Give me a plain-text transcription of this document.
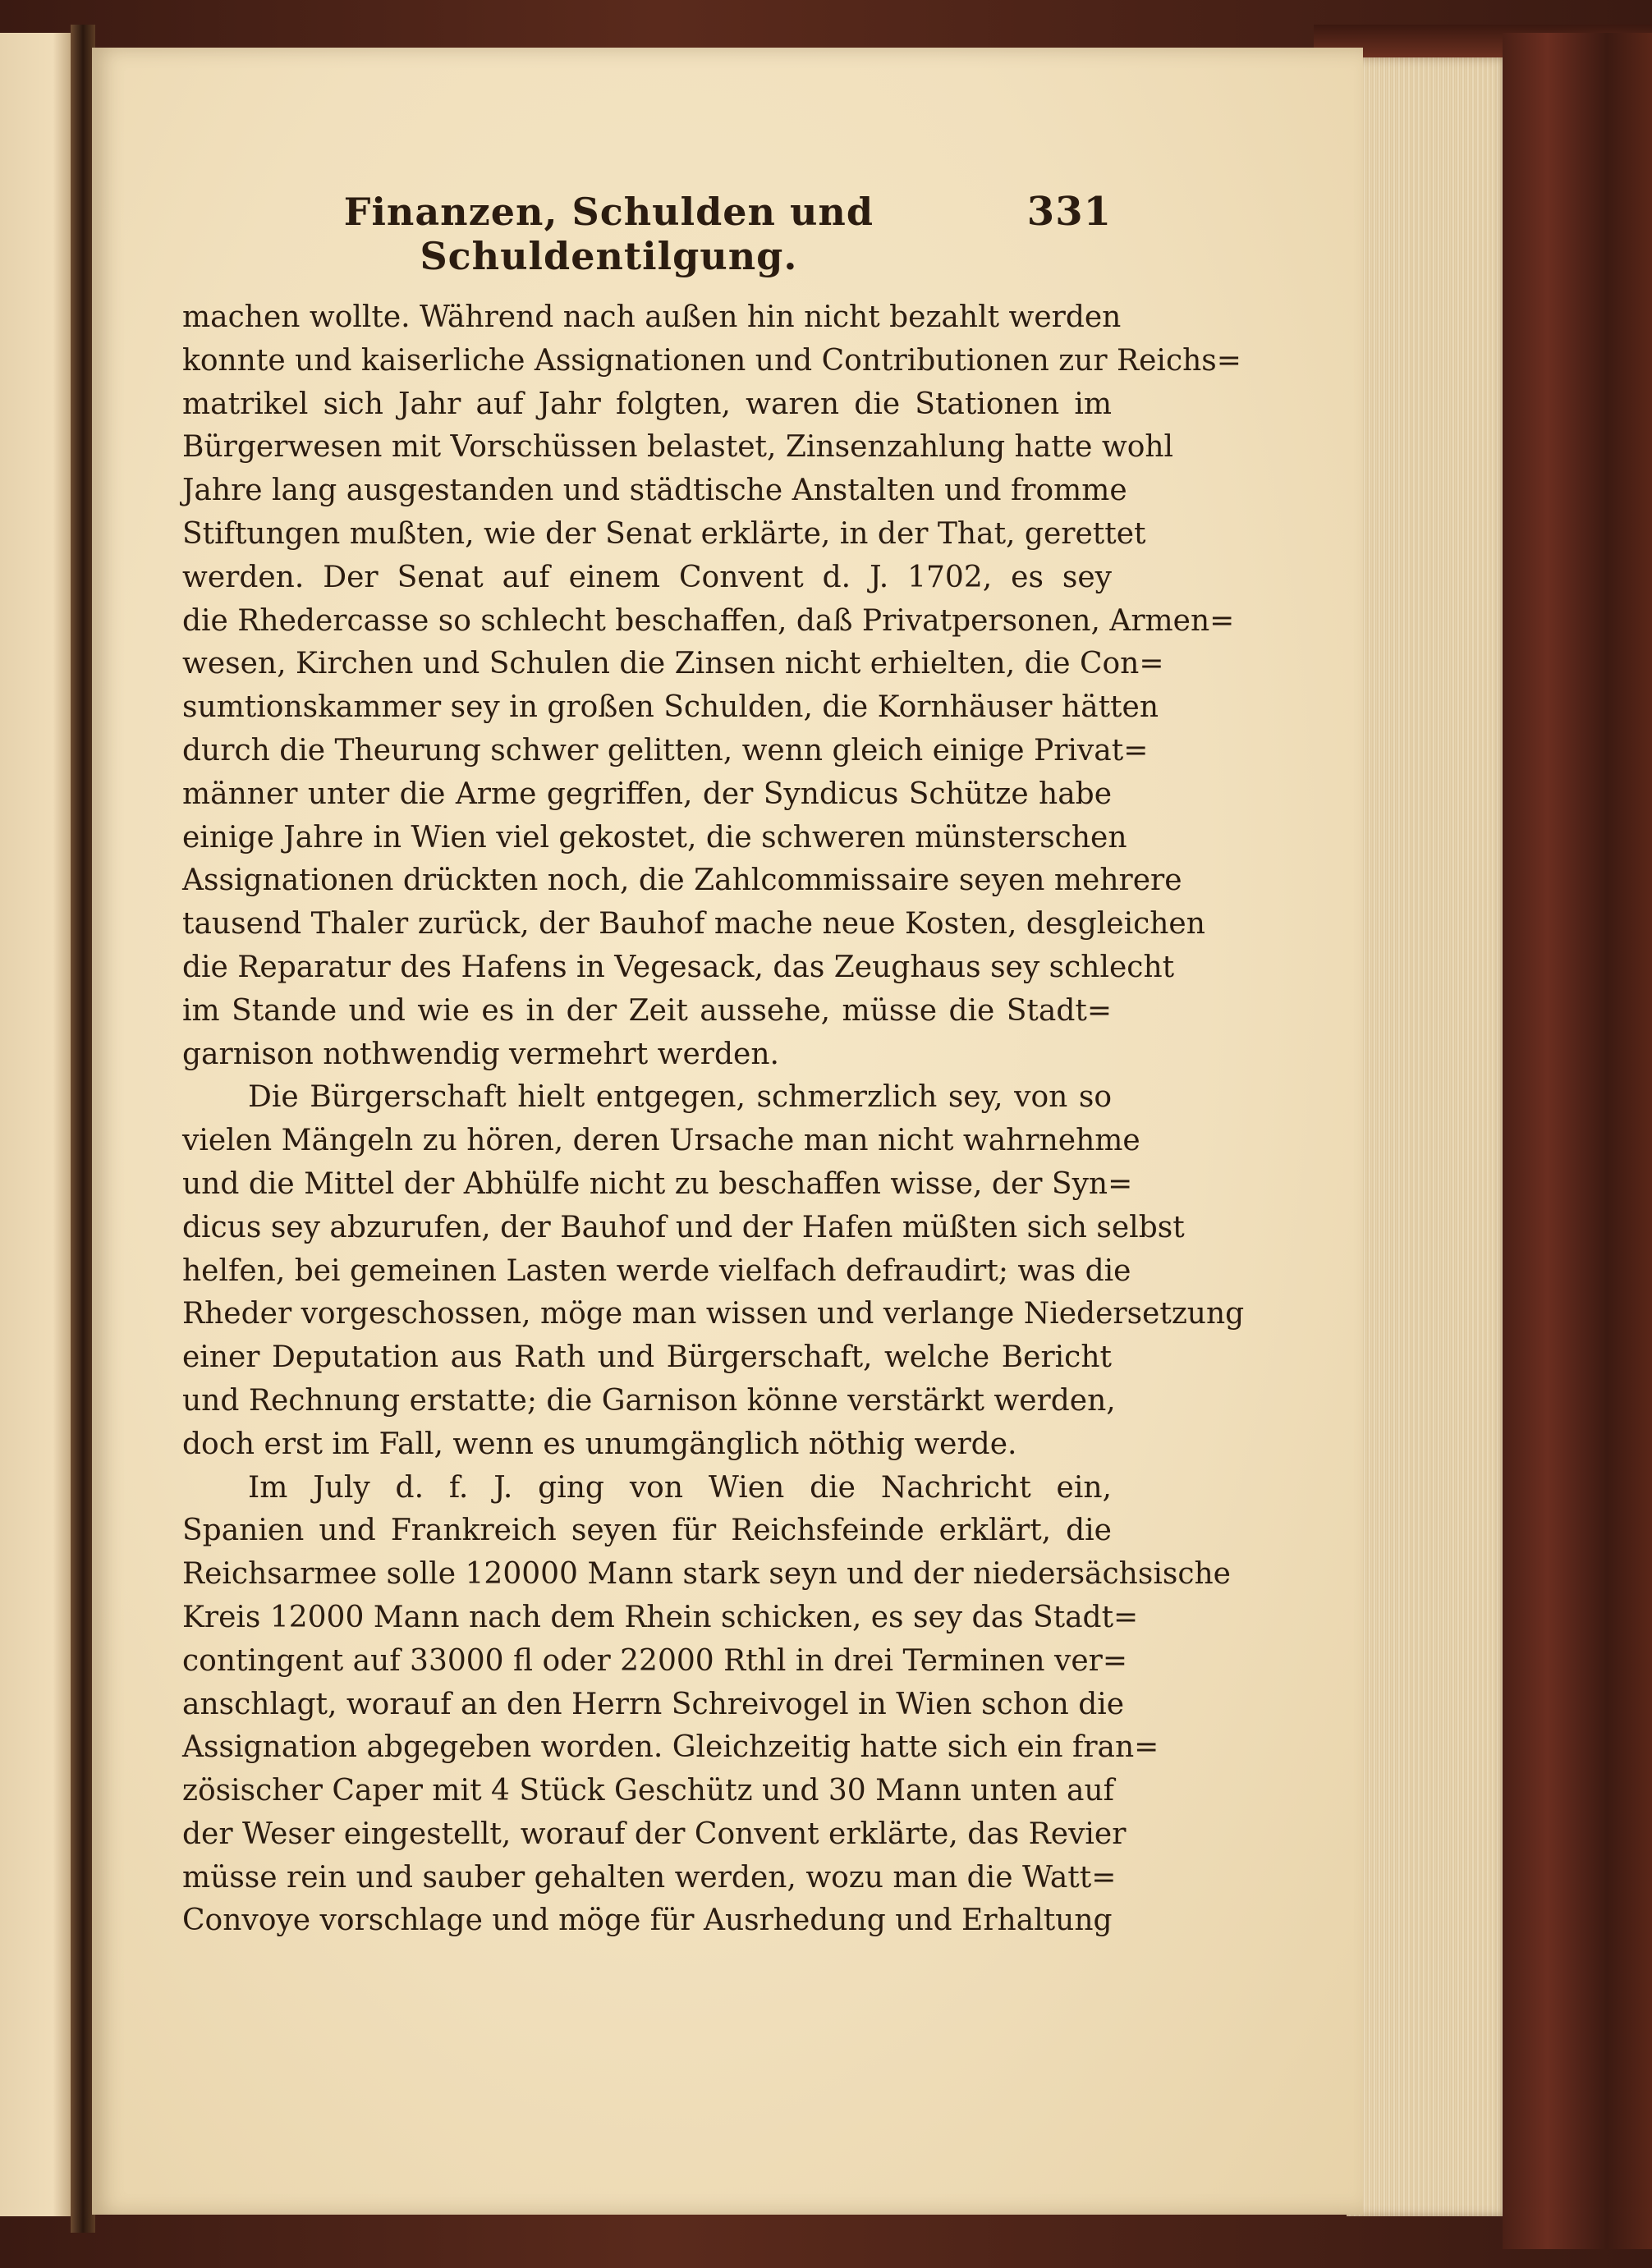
Finanzen, Schulden und Schuldentilgung.
331
machen wollte. Während nach außen hin nicht bezahlt werden
konnte und kaiserliche Assignationen und Contributionen zur Reichs=
matrikel sich Jahr auf Jahr folgten, waren die Stationen im
Bürgerwesen mit Vorschüssen belastet, Zinsenzahlung hatte wohl
Jahre lang ausgestanden und städtische Anstalten und fromme
Stiftungen mußten, wie der Senat erklärte, in der That, gerettet
werden. Der Senat auf einem Convent d. J. 1702, es sey
die Rhedercasse so schlecht beschaffen, daß Privatpersonen, Armen=
wesen, Kirchen und Schulen die Zinsen nicht erhielten, die Con=
sumtionskammer sey in großen Schulden, die Kornhäuser hätten
durch die Theurung schwer gelitten, wenn gleich einige Privat=
männer unter die Arme gegriffen, der Syndicus Schütze habe
einige Jahre in Wien viel gekostet, die schweren münsterschen
Assignationen drückten noch, die Zahlcommissaire seyen mehrere
tausend Thaler zurück, der Bauhof mache neue Kosten, desgleichen
die Reparatur des Hafens in Vegesack, das Zeughaus sey schlecht
im Stande und wie es in der Zeit aussehe, müsse die Stadt=
garnison nothwendig vermehrt werden.
Die Bürgerschaft hielt entgegen, schmerzlich sey, von so
vielen Mängeln zu hören, deren Ursache man nicht wahrnehme
und die Mittel der Abhülfe nicht zu beschaffen wisse, der Syn=
dicus sey abzurufen, der Bauhof und der Hafen müßten sich selbst
helfen, bei gemeinen Lasten werde vielfach defraudirt; was die
Rheder vorgeschossen, möge man wissen und verlange Niedersetzung
einer Deputation aus Rath und Bürgerschaft, welche Bericht
und Rechnung erstatte; die Garnison könne verstärkt werden,
doch erst im Fall, wenn es unumgänglich nöthig werde.
Im July d. f. J. ging von Wien die Nachricht ein,
Spanien und Frankreich seyen für Reichsfeinde erklärt, die
Reichsarmee solle 120000 Mann stark seyn und der niedersächsische
Kreis 12000 Mann nach dem Rhein schicken, es sey das Stadt=
contingent auf 33000 fl oder 22000 Rthl in drei Terminen ver=
anschlagt, worauf an den Herrn Schreivogel in Wien schon die
Assignation abgegeben worden. Gleichzeitig hatte sich ein fran=
zösischer Caper mit 4 Stück Geschütz und 30 Mann unten auf
der Weser eingestellt, worauf der Convent erklärte, das Revier
müsse rein und sauber gehalten werden, wozu man die Watt=
Convoye vorschlage und möge für Ausrhedung und Erhaltung
